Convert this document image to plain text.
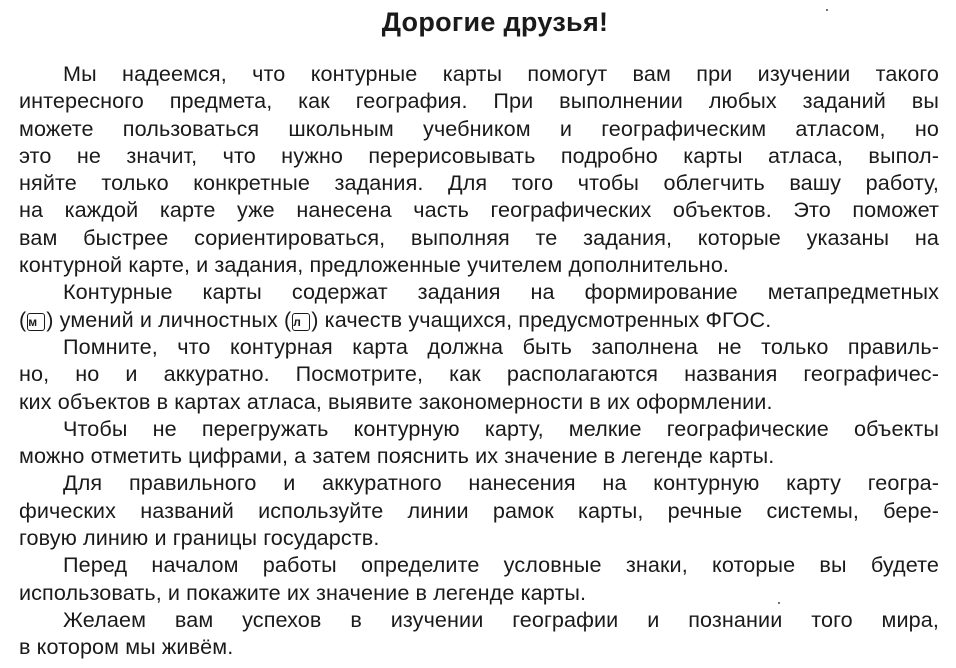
Дорогие друзья!

Мы надеемся, что контурные карты помогут вам при изучении такого
интересного предмета, как география. При выполнении любых заданий вы
можете пользоваться школьным учебником и географическим атласом, но
это не значит, что нужно перерисовывать подробно карты атласа, выпол-
няйте только конкретные задания. Для того чтобы облегчить вашу работу,
на каждой карте уже нанесена часть географических объектов. Это поможет
вам быстрее сориентироваться, выполняя те задания, которые указаны на
контурной карте, и задания, предложенные учителем дополнительно.

Контурные карты содержат задания на формирование метапредметных
( м ) умений и личностных ( л ) качеств учащихся, предусмотренных ФГОС.

Помните, что контурная карта должна быть заполнена не только правиль-
но, но и аккуратно. Посмотрите, как располагаются названия географичес-
ких объектов в картах атласа, выявите закономерности в их оформлении.

Чтобы не перегружать контурную карту, мелкие географические объекты
можно отметить цифрами, а затем пояснить их значение в легенде карты.

Для правильного и аккуратного нанесения на контурную карту геогра-
фических названий используйте линии рамок карты, речные системы, бере-
говую линию и границы государств.

Перед началом работы определите условные знаки, которые вы будете
использовать, и покажите их значение в легенде карты.

Желаем вам успехов в изучении географии и познании того мира,
в котором мы живём.
